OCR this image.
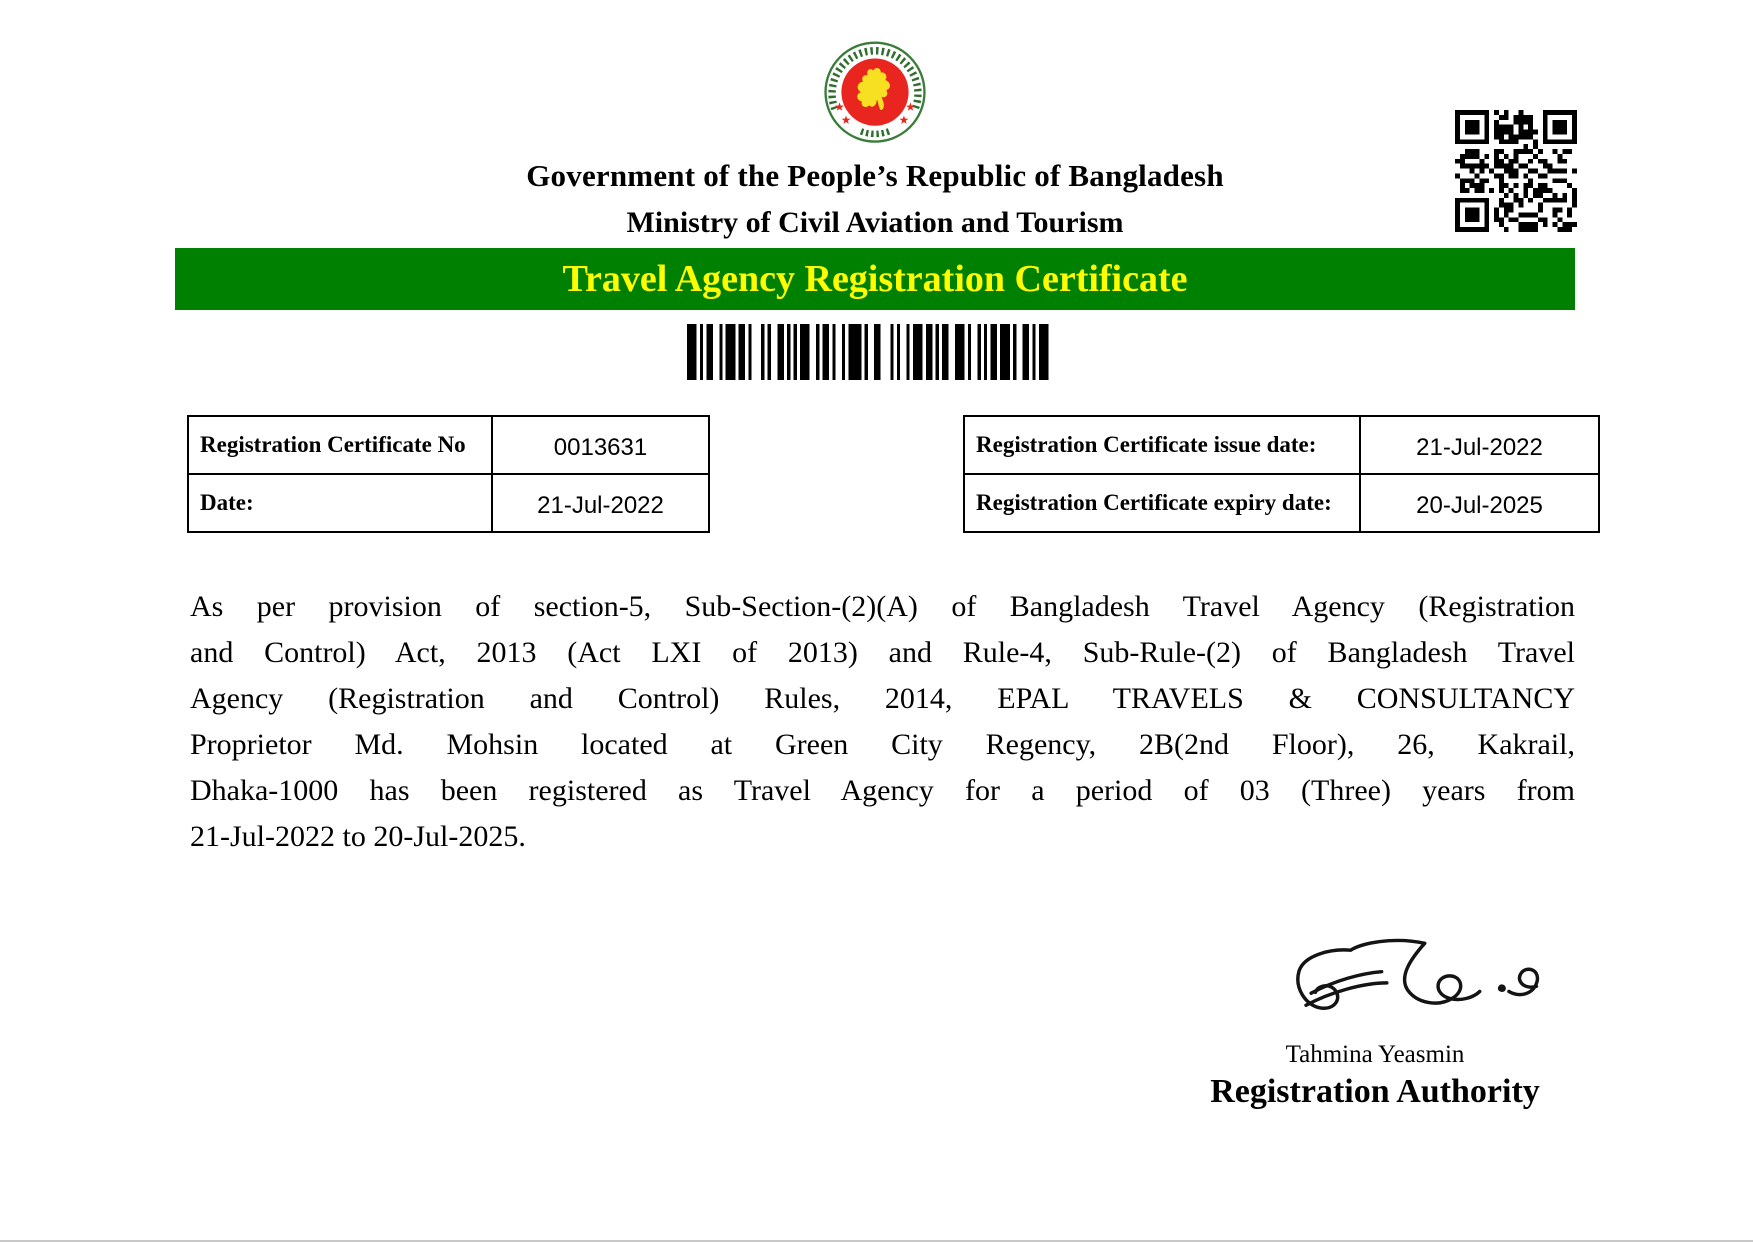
Government of the People’s Republic of Bangladesh
Ministry of Civil Aviation and Tourism
Travel Agency Registration Certificate
Registration Certificate No	0013631
Date:	21-Jul-2022
Registration Certificate issue date:	21-Jul-2022
Registration Certificate expiry date:	20-Jul-2025
As per provision of section-5, Sub-Section-(2)(A) of Bangladesh Travel Agency (Registration
and Control) Act, 2013 (Act LXI of 2013) and Rule-4, Sub-Rule-(2) of Bangladesh Travel
Agency (Registration and Control) Rules, 2014, EPAL TRAVELS & CONSULTANCY
Proprietor Md. Mohsin located at Green City Regency, 2B(2nd Floor), 26, Kakrail,
Dhaka-1000 has been registered as Travel Agency for a period of 03 (Three) years from
21-Jul-2022 to 20-Jul-2025.
Tahmina Yeasmin
Registration Authority
